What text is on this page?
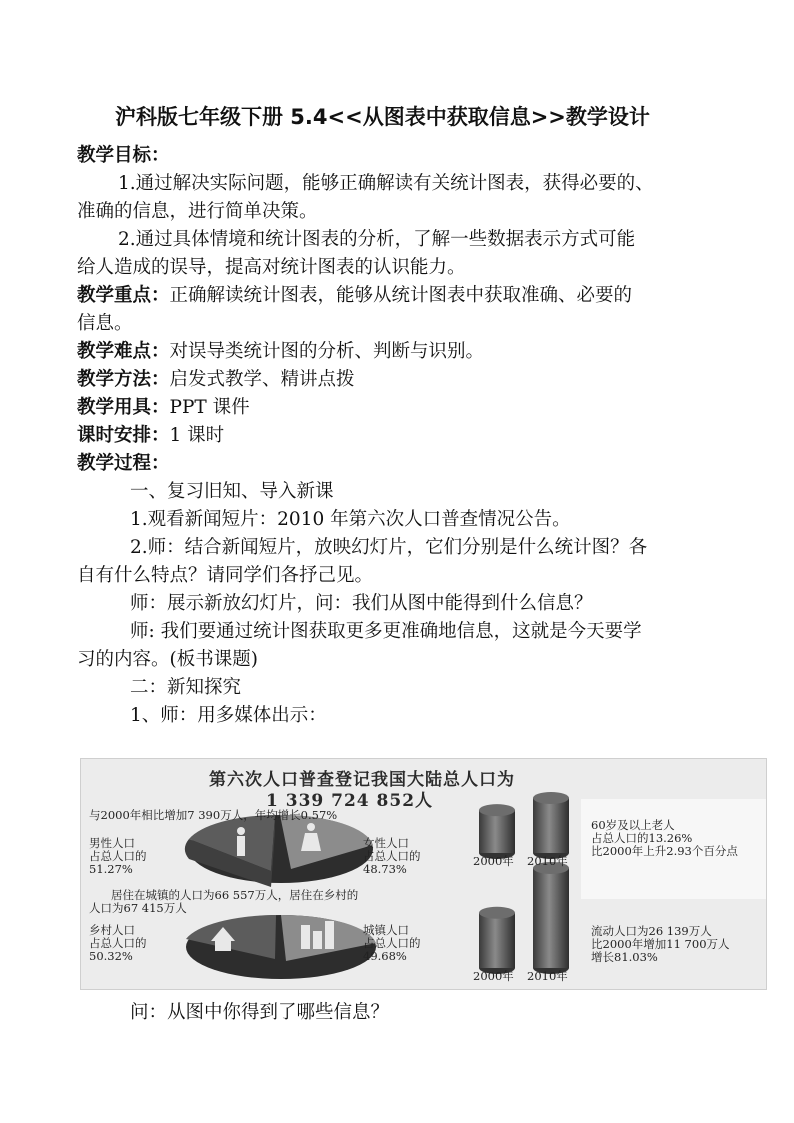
沪科版七年级下册 5.4<<从图表中获取信息>>教学设计
教学目标：
1.通过解决实际问题，能够正确解读有关统计图表，获得必要的、
准确的信息，进行简单决策。
2.通过具体情境和统计图表的分析，了解一些数据表示方式可能
给人造成的误导，提高对统计图表的认识能力。
教学重点：正确解读统计图表，能够从统计图表中获取准确、必要的
信息。
教学难点：对误导类统计图的分析、判断与识别。
教学方法：启发式教学、精讲点拨
教学用具：PPT 课件
课时安排：1 课时
教学过程：
一、复习旧知、导入新课
1.观看新闻短片：2010 年第六次人口普查情况公告。
2.师：结合新闻短片，放映幻灯片，它们分别是什么统计图？各
自有什么特点？请同学们各抒己见。
师：展示新放幻灯片，问：我们从图中能得到什么信息？
师: 我们要通过统计图获取更多更准确地信息，这就是今天要学
习的内容。(板书课题)
二：新知探究
1、师：用多媒体出示：
第六次人口普查登记我国大陆总人口为
1 339 724 852人
与2000年相比增加7 390万人，年均增长0.57%
男性人口
占总人口的
51.27%
女性人口
占总人口的
48.73%
居住在城镇的人口为66 557万人，居住在乡村的
人口为67 415万人
乡村人口
占总人口的
50.32%
城镇人口
占总人口的
49.68%
60岁及以上老人
占总人口的13.26%
比2000年上升2.93个百分点
流动人口为26 139万人
比2000年增加11 700万人
增长81.03%
2000年 2010年
2000年 2010年
问：从图中你得到了哪些信息？
